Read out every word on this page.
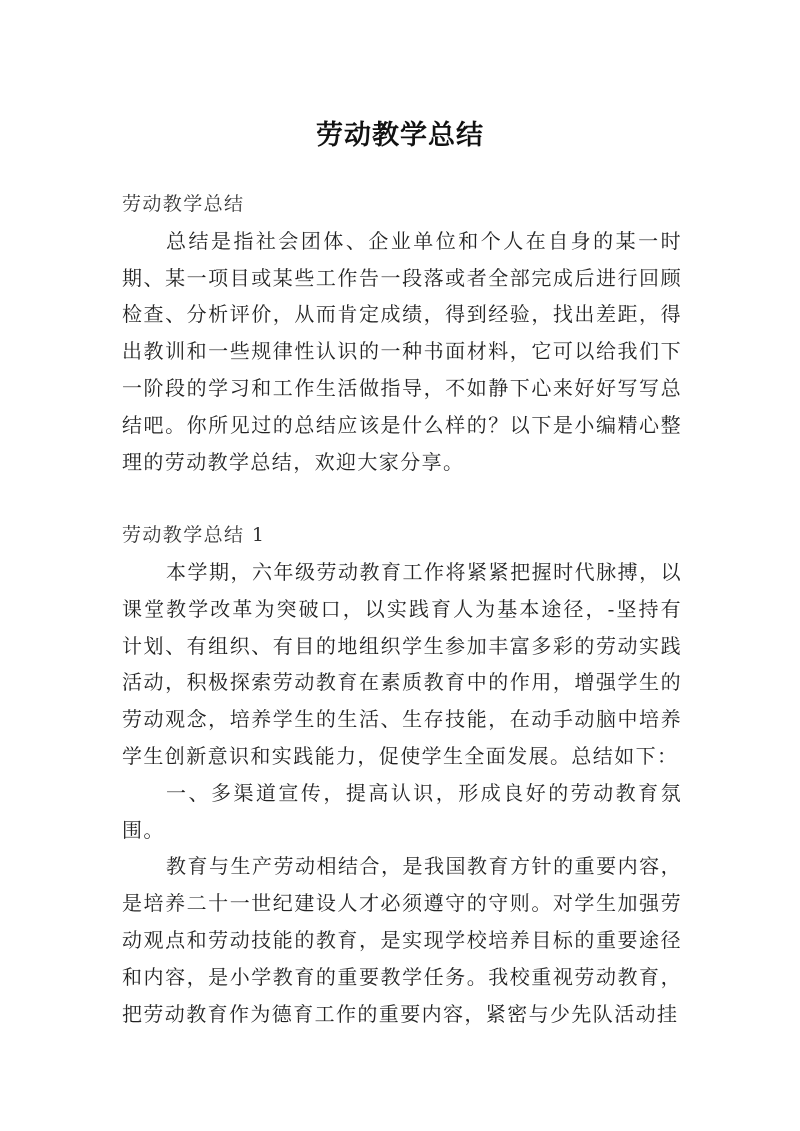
劳动教学总结

劳动教学总结

总结是指社会团体、企业单位和个人在自身的某一时期、某一项目或某些工作告一段落或者全部完成后进行回顾检查、分析评价，从而肯定成绩，得到经验，找出差距，得出教训和一些规律性认识的一种书面材料，它可以给我们下一阶段的学习和工作生活做指导，不如静下心来好好写写总结吧。你所见过的总结应该是什么样的？以下是小编精心整理的劳动教学总结，欢迎大家分享。

劳动教学总结 1

本学期，六年级劳动教育工作将紧紧把握时代脉搏，以课堂教学改革为突破口，以实践育人为基本途径，-坚持有计划、有组织、有目的地组织学生参加丰富多彩的劳动实践活动，积极探索劳动教育在素质教育中的作用，增强学生的劳动观念，培养学生的生活、生存技能，在动手动脑中培养学生创新意识和实践能力，促使学生全面发展。总结如下：

一、多渠道宣传，提高认识，形成良好的劳动教育氛围。

教育与生产劳动相结合，是我国教育方针的重要内容，是培养二十一世纪建设人才必须遵守的守则。对学生加强劳动观点和劳动技能的教育，是实现学校培养目标的重要途径和内容，是小学教育的重要教学任务。我校重视劳动教育，把劳动教育作为德育工作的重要内容，紧密与少先队活动挂
